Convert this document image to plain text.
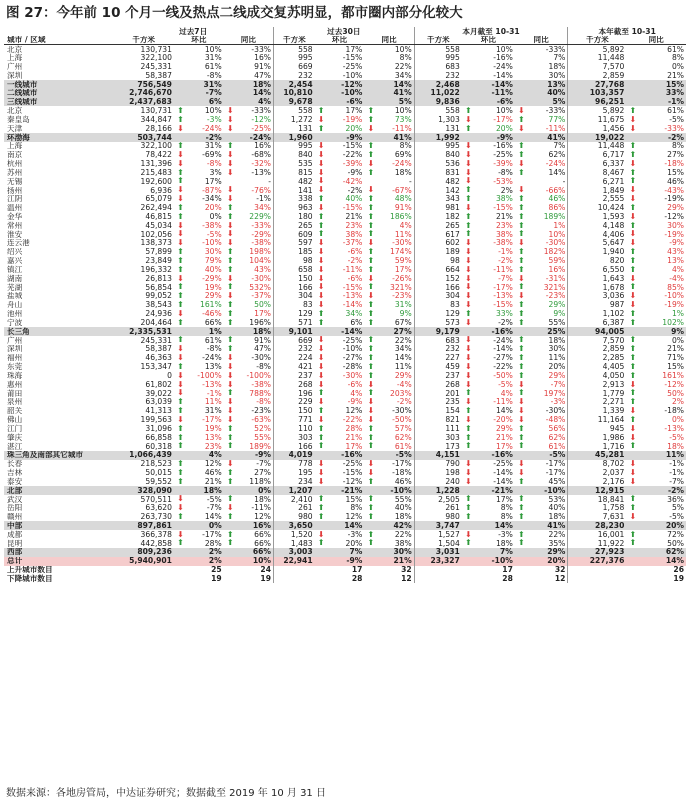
图 27：今年前 10 个月一线及热点二线成交复苏明显，都市圈内部分化较大
	过去7日			过去30日			本月截至 10-31			本年截至 10-31	
城市 / 区域	千方米	环比	同比	千方米	环比	同比	千方米	环比	同比	千方米	同比
北京	130,731	10%	-33%	558	17%	10%	558	10%	-33%	5,892	61%
上海	322,100	31%	16%	995	-15%	8%	995	-16%	7%	11,448	8%
广州	245,331	61%	91%	669	-25%	22%	683	-24%	18%	7,570	0%
深圳	58,387	-8%	47%	232	-10%	34%	232	-14%	30%	2,859	21%
一线城市	756,549	31%	18%	2,454	-12%	14%	2,468	-14%	13%	27,768	15%
二线城市	2,746,670	-7%	14%	10,810	-10%	41%	11,022	-11%	40%	103,357	33%
三线城市	2,437,683	6%	4%	9,678	-6%	5%	9,836	-6%	5%	96,251	-1%
北京	130,731	⬆ 10%	⬇ -33%	558	⬆ 17%	⬆ 10%	558	⬆ 10%	⬇ -33%	5,892	⬆ 61%

秦皇岛	344,847	⬆ -3%	⬇ -12%	1,272	⬇ -19%	⬆ 73%	1,303	⬇ -17%	⬆ 77%	11,675	⬇ -5%

天津	28,166	⬇ -24%	⬇ -25%	131	⬆ 20%	⬇ -11%	131	⬆ 20%	⬇ -11%	1,456	⬇ -33%

环渤海	503,744	-2%	-24%	1,960	-9%	41%	1,992	-9%	41%	19,022	-2%
上海	322,100	⬆ 31%	⬆ 16%	995	⬇ -15%	⬆ 8%	995	⬇ -16%	⬆ 7%	11,448	⬆ 8%

南京	78,422	⬇ -69%	⬇ -68%	840	⬇ -22%	⬆ 69%	840	⬇ -25%	⬆ 62%	6,717	⬆ 27%

杭州	131,396	⬇ -8%	⬇ -32%	535	⬇ -39%	⬇ -24%	536	⬇ -39%	⬇ -24%	6,337	⬇ -18%

苏州	215,483	⬆ 3%	⬇ -13%	815	⬇ -9%	⬆ 18%	831	⬇ -8%	⬆ 14%	8,467	⬆ 15%

无锡	192,600	⬆ 17%	-	482	⬇ -42%	-	482	⬇ -53%	-	6,271	⬆ 46%

扬州	6,936	⬇ -87%	⬇ -76%	141	⬇ -2%	⬇ -67%	142	⬆ 2%	⬇ -66%	1,849	⬇ -43%

江阴	65,079	⬇ -34%	⬇ -1%	338	⬆ 40%	⬆ 48%	343	⬆ 38%	⬆ 46%	2,555	⬇ -19%

温州	262,494	⬆ 20%	⬆ 34%	963	⬇ -15%	⬆ 91%	981	⬇ -15%	⬆ 86%	10,424	⬆ 29%

金华	46,815	⬆ 0%	⬆ 229%	180	⬆ 21%	⬆ 186%	182	⬆ 21%	⬆ 189%	1,593	⬇ -12%

常州	45,034	⬇ -38%	⬇ -33%	265	⬆ 23%	⬆ 4%	265	⬆ 23%	⬆ 1%	4,148	⬆ 30%

淮安	102,056	⬇ -5%	⬇ -29%	609	⬆ 38%	⬆ 11%	617	⬆ 38%	⬆ 10%	4,406	⬇ -19%

连云港	138,373	⬇ -10%	⬇ -38%	597	⬇ -37%	⬇ -30%	602	⬇ -38%	⬇ -30%	5,647	⬇ -9%

绍兴	57,899	⬆ 30%	⬆ 198%	185	⬇ -6%	⬆ 174%	189	⬇ -1%	⬆ 182%	1,940	⬆ 43%

嘉兴	23,849	⬆ 79%	⬆ 104%	98	⬇ -2%	⬆ 59%	98	⬇ -2%	⬆ 59%	820	⬆ 13%

镇江	196,332	⬆ 40%	⬆ 43%	658	⬇ -11%	⬆ 17%	664	⬇ -11%	⬆ 16%	6,550	⬆ 4%

湖南	26,813	⬇ -29%	⬇ -30%	150	⬇ -6%	⬇ -26%	152	⬇ -7%	⬇ -31%	1,643	⬇ -4%

芜湖	56,854	⬆ 19%	⬆ 532%	166	⬇ -15%	⬆ 321%	166	⬇ -17%	⬆ 321%	1,678	⬆ 85%

盐城	99,052	⬆ 29%	⬇ -37%	304	⬇ -13%	⬇ -23%	304	⬇ -13%	⬇ -23%	3,036	⬇ -10%

舟山	38,543	⬆ 161%	⬆ 50%	83	⬇ -14%	⬆ 31%	83	⬇ -15%	⬆ 29%	987	⬇ -19%

池州	24,936	⬇ -46%	⬆ 17%	129	⬆ 34%	⬆ 9%	129	⬆ 33%	⬆ 9%	1,102	⬆ 1%

宁波	204,464	⬆ 66%	⬆ 196%	571	⬆ 6%	⬆ 67%	573	⬇ -2%	⬆ 55%	6,387	⬆ 102%

长三角	2,335,531	1%	18%	9,101	-14%	27%	9,179	-16%	25%	94,005	9%
广州	245,331	⬆ 61%	⬆ 91%	669	⬇ -25%	⬆ 22%	683	⬇ -24%	⬆ 18%	7,570	⬆ 0%

深圳	58,387	⬇ -8%	⬆ 47%	232	⬇ -10%	⬆ 34%	232	⬇ -14%	⬆ 30%	2,859	⬆ 21%

福州	46,363	⬇ -24%	⬇ -30%	224	⬇ -27%	⬆ 14%	227	⬇ -27%	⬆ 11%	2,285	⬆ 71%

东莞	153,347	⬆ 13%	⬇ -8%	421	⬇ -28%	⬆ 11%	459	⬇ -22%	⬆ 20%	4,405	⬆ 15%

珠海	0	⬇ -100%	⬇ -100%	237	⬇ -30%	⬆ 29%	237	⬇ -50%	⬆ 29%	4,050	⬆ 161%

惠州	61,802	⬇ -13%	⬇ -38%	268	⬇ -6%	⬇ -4%	268	⬇ -5%	⬇ -7%	2,913	⬇ -12%

莆田	39,022	⬇ -1%	⬆ 788%	196	⬆ 4%	⬆ 203%	201	⬆ 4%	⬆ 197%	1,779	⬆ 50%

泉州	63,039	⬆ 11%	⬇ -8%	229	⬇ -9%	⬇ -2%	235	⬇ -11%	⬇ -3%	2,271	⬆ 2%

韶关	41,313	⬆ 31%	⬇ -23%	150	⬆ 12%	⬇ -30%	154	⬆ 14%	⬇ -30%	1,339	⬇ -18%

佛山	199,563	⬇ -17%	⬇ -63%	771	⬇ -22%	⬇ -50%	821	⬇ -20%	⬇ -48%	11,164	⬆ 0%

江门	31,096	⬆ 19%	⬆ 52%	110	⬆ 28%	⬆ 57%	111	⬆ 29%	⬆ 56%	945	⬇ -13%

肇庆	66,858	⬆ 13%	⬆ 55%	303	⬆ 21%	⬆ 62%	303	⬆ 21%	⬆ 62%	1,986	⬇ -5%

湛江	60,318	⬆ 23%	⬆ 189%	166	⬆ 17%	⬆ 61%	173	⬆ 17%	⬆ 61%	1,716	⬆ 18%

珠三角及南部其它城市	1,066,439	4%	-9%	4,019	-16%	-5%	4,151	-16%	-5%	45,281	11%
长春	218,523	⬆ 12%	⬇ -7%	778	⬇ -25%	⬇ -17%	790	⬇ -25%	⬇ -17%	8,702	⬇ -1%

吉林	50,015	⬆ 46%	⬆ 27%	195	⬇ -15%	⬇ -18%	198	⬇ -14%	⬇ -17%	2,037	⬇ -1%

泰安	59,552	⬆ 21%	⬆ 118%	234	⬇ -12%	⬆ 46%	240	⬇ -14%	⬆ 45%	2,176	⬇ -7%

北部	328,090	18%	0%	1,207	-21%	-10%	1,228	-21%	-10%	12,915	-2%
武汉	570,511	⬇ -5%	⬆ 18%	2,410	⬆ 15%	⬆ 55%	2,505	⬆ 17%	⬆ 53%	18,841	⬆ 36%

岳阳	63,620	⬇ -7%	⬇ -11%	261	⬆ 8%	⬆ 40%	261	⬆ 8%	⬆ 40%	1,758	⬆ 5%

赣州	263,730	⬆ 14%	⬆ 12%	980	⬆ 12%	⬆ 18%	980	⬆ 8%	⬆ 18%	7,631	⬇ -5%

中部	897,861	0%	16%	3,650	14%	42%	3,747	14%	41%	28,230	20%
成都	366,378	⬇ -17%	⬆ 66%	1,520	⬇ -3%	⬆ 22%	1,527	⬇ -3%	⬆ 22%	16,001	⬆ 72%

昆明	442,858	⬆ 28%	⬆ 66%	1,483	⬆ 20%	⬆ 38%	1,504	⬆ 18%	⬆ 35%	11,922	⬆ 50%

西部	809,236	2%	66%	3,003	7%	30%	3,031	7%	29%	27,923	62%
总计	5,940,901	2%	10%	22,941	-9%	21%	23,327	-10%	20%	227,376	14%
上升城市数目		25	24		17	32		17	32		26
下降城市数目		19	19		28	12		28	12		19
数据来源：各地房管局，中达证券研究；数据截至 2019 年 10 月 31 日
